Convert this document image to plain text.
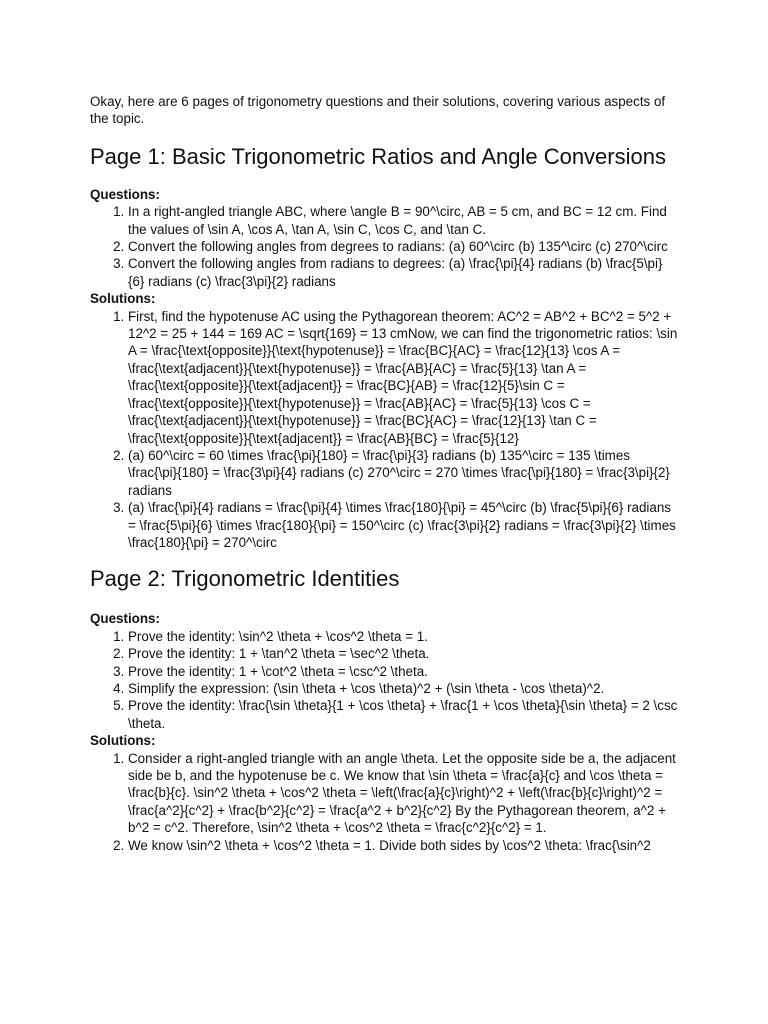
Okay, here are 6 pages of trigonometry questions and their solutions, covering various aspects of the topic.

Page 1: Basic Trigonometric Ratios and Angle Conversions
Questions:
1. In a right-angled triangle ABC, where \angle B = 90^\circ, AB = 5 cm, and BC = 12 cm. Find the values of \sin A, \cos A, \tan A, \sin C, \cos C, and \tan C.
2. Convert the following angles from degrees to radians: (a) 60^\circ (b) 135^\circ (c) 270^\circ
3. Convert the following angles from radians to degrees: (a) \frac{\pi}{4} radians (b) \frac{5\pi}{6} radians (c) \frac{3\pi}{2} radians
Solutions:
1. First, find the hypotenuse AC using the Pythagorean theorem: AC^2 = AB^2 + BC^2 = 5^2 + 12^2 = 25 + 144 = 169 AC = \sqrt{169} = 13 cmNow, we can find the trigonometric ratios: \sin A = \frac{\text{opposite}}{\text{hypotenuse}} = \frac{BC}{AC} = \frac{12}{13} \cos A = \frac{\text{adjacent}}{\text{hypotenuse}} = \frac{AB}{AC} = \frac{5}{13} \tan A = \frac{\text{opposite}}{\text{adjacent}} = \frac{BC}{AB} = \frac{12}{5}\sin C = \frac{\text{opposite}}{\text{hypotenuse}} = \frac{AB}{AC} = \frac{5}{13} \cos C = \frac{\text{adjacent}}{\text{hypotenuse}} = \frac{BC}{AC} = \frac{12}{13} \tan C = \frac{\text{opposite}}{\text{adjacent}} = \frac{AB}{BC} = \frac{5}{12}
2. (a) 60^\circ = 60 \times \frac{\pi}{180} = \frac{\pi}{3} radians (b) 135^\circ = 135 \times \frac{\pi}{180} = \frac{3\pi}{4} radians (c) 270^\circ = 270 \times \frac{\pi}{180} = \frac{3\pi}{2} radians
3. (a) \frac{\pi}{4} radians = \frac{\pi}{4} \times \frac{180}{\pi} = 45^\circ (b) \frac{5\pi}{6} radians = \frac{5\pi}{6} \times \frac{180}{\pi} = 150^\circ (c) \frac{3\pi}{2} radians = \frac{3\pi}{2} \times \frac{180}{\pi} = 270^\circ
Page 2: Trigonometric Identities
Questions:
1. Prove the identity: \sin^2 \theta + \cos^2 \theta = 1.
2. Prove the identity: 1 + \tan^2 \theta = \sec^2 \theta.
3. Prove the identity: 1 + \cot^2 \theta = \csc^2 \theta.
4. Simplify the expression: (\sin \theta + \cos \theta)^2 + (\sin \theta - \cos \theta)^2.
5. Prove the identity: \frac{\sin \theta}{1 + \cos \theta} + \frac{1 + \cos \theta}{\sin \theta} = 2 \csc \theta.
Solutions:
1. Consider a right-angled triangle with an angle \theta. Let the opposite side be a, the adjacent side be b, and the hypotenuse be c. We know that \sin \theta = \frac{a}{c} and \cos \theta = \frac{b}{c}. \sin^2 \theta + \cos^2 \theta = \left(\frac{a}{c}\right)^2 + \left(\frac{b}{c}\right)^2 = \frac{a^2}{c^2} + \frac{b^2}{c^2} = \frac{a^2 + b^2}{c^2} By the Pythagorean theorem, a^2 + b^2 = c^2. Therefore, \sin^2 \theta + \cos^2 \theta = \frac{c^2}{c^2} = 1.
2. We know \sin^2 \theta + \cos^2 \theta = 1. Divide both sides by \cos^2 \theta: \frac{\sin^2
